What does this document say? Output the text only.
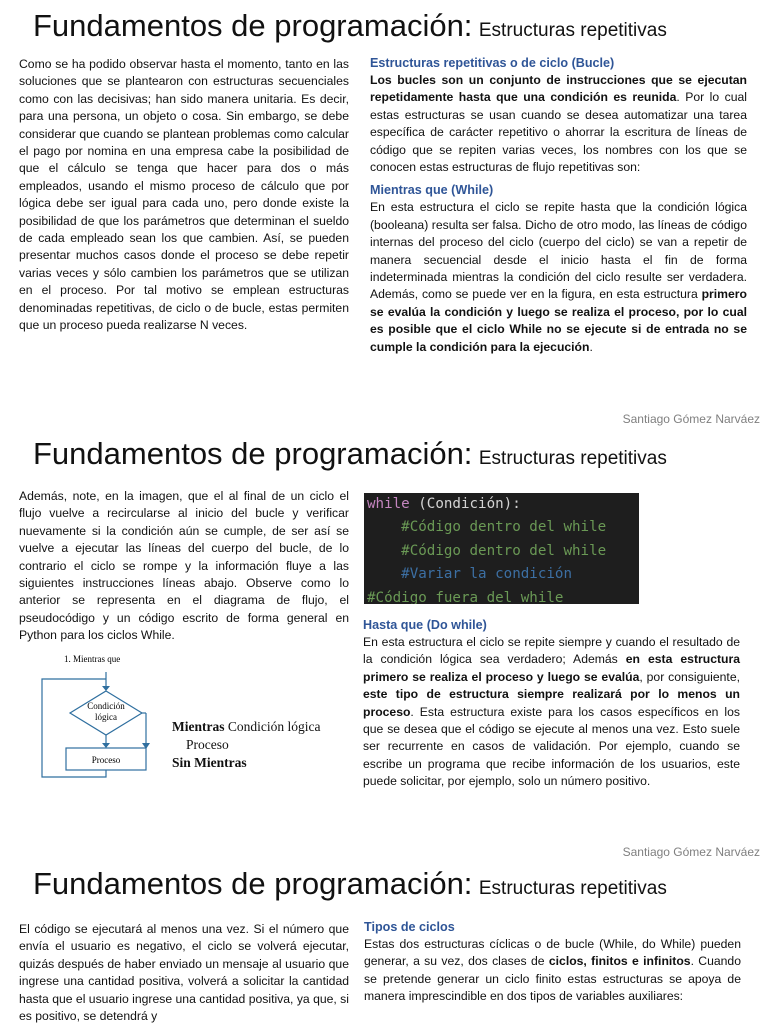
Fundamentos de programación: Estructuras repetitivas
Como se ha podido observar hasta el momento, tanto en las soluciones que se plantearon con estructuras secuenciales como con las decisivas; han sido manera unitaria. Es decir, para una persona, un objeto o cosa. Sin embargo, se debe considerar que cuando se plantean problemas como calcular el pago por nomina en una empresa cabe la posibilidad de que el cálculo se tenga que hacer para dos o más empleados, usando el mismo proceso de cálculo que por lógica debe ser igual para cada uno, pero donde existe la posibilidad de que los parámetros que determinan el sueldo de cada empleado sean los que cambien. Así, se pueden presentar muchos casos donde el proceso se debe repetir varias veces y sólo cambien los parámetros que se utilizan en el proceso. Por tal motivo se emplean estructuras denominadas repetitivas, de ciclo o de bucle, estas permiten que un proceso pueda realizarse N veces.
Estructuras repetitivas o de ciclo (Bucle)
Los bucles son un conjunto de instrucciones que se ejecutan repetidamente hasta que una condición es reunida. Por lo cual estas estructuras se usan cuando se desea automatizar una tarea específica de carácter repetitivo o ahorrar la escritura de líneas de código que se repiten varias veces, los nombres con los que se conocen estas estructuras de flujo repetitivas son:
Mientras que (While)
En esta estructura el ciclo se repite hasta que la condición lógica (booleana) resulta ser falsa. Dicho de otro modo, las líneas de código internas del proceso del ciclo (cuerpo del ciclo) se van a repetir de manera secuencial desde el inicio hasta el fin de forma indeterminada mientras la condición del ciclo resulte ser verdadera. Además, como se puede ver en la figura, en esta estructura primero se evalúa la condición y luego se realiza el proceso, por lo cual es posible que el ciclo While no se ejecute si de entrada no se cumple la condición para la ejecución.
Santiago Gómez Narváez
Fundamentos de programación: Estructuras repetitivas
Además, note, en la imagen, que el al final de un ciclo el flujo vuelve a recircularse al inicio del bucle y verificar nuevamente si la condición aún se cumple, de ser así se vuelve a ejecutar las líneas del cuerpo del bucle, de lo contrario el ciclo se rompe y la información fluye a las siguientes instrucciones líneas abajo. Observe como lo anterior se representa en el diagrama de flujo, el pseudocódigo y un código escrito de forma general en Python para los ciclos While.
while (Condición):
#Código dentro del while
#Código dentro del while
#Variar la condición
#Código fuera del while
1. Mientras que
Condición
lógica
Proceso
Mientras Condición lógica
Proceso
Sin Mientras
Hasta que (Do while)
En esta estructura el ciclo se repite siempre y cuando el resultado de la condición lógica sea verdadero; Además en esta estructura primero se realiza el proceso y luego se evalúa, por consiguiente, este tipo de estructura siempre realizará por lo menos un proceso. Esta estructura existe para los casos específicos en los que se desea que el código se ejecute al menos una vez. Esto suele ser recurrente en casos de validación. Por ejemplo, cuando se escribe un programa que recibe información de los usuarios, este puede solicitar, por ejemplo, solo un número positivo.
Santiago Gómez Narváez
Fundamentos de programación: Estructuras repetitivas
El código se ejecutará al menos una vez. Si el número que envía el usuario es negativo, el ciclo se volverá ejecutar, quizás después de haber enviado un mensaje al usuario que ingrese una cantidad positiva, volverá a solicitar la cantidad hasta que el usuario ingrese una cantidad positiva, ya que, si es positivo, se detendrá y
Tipos de ciclos
Estas dos estructuras cíclicas o de bucle (While, do While) pueden generar, a su vez, dos clases de ciclos, finitos e infinitos. Cuando se pretende generar un ciclo finito estas estructuras se apoya de manera imprescindible en dos tipos de variables auxiliares:
